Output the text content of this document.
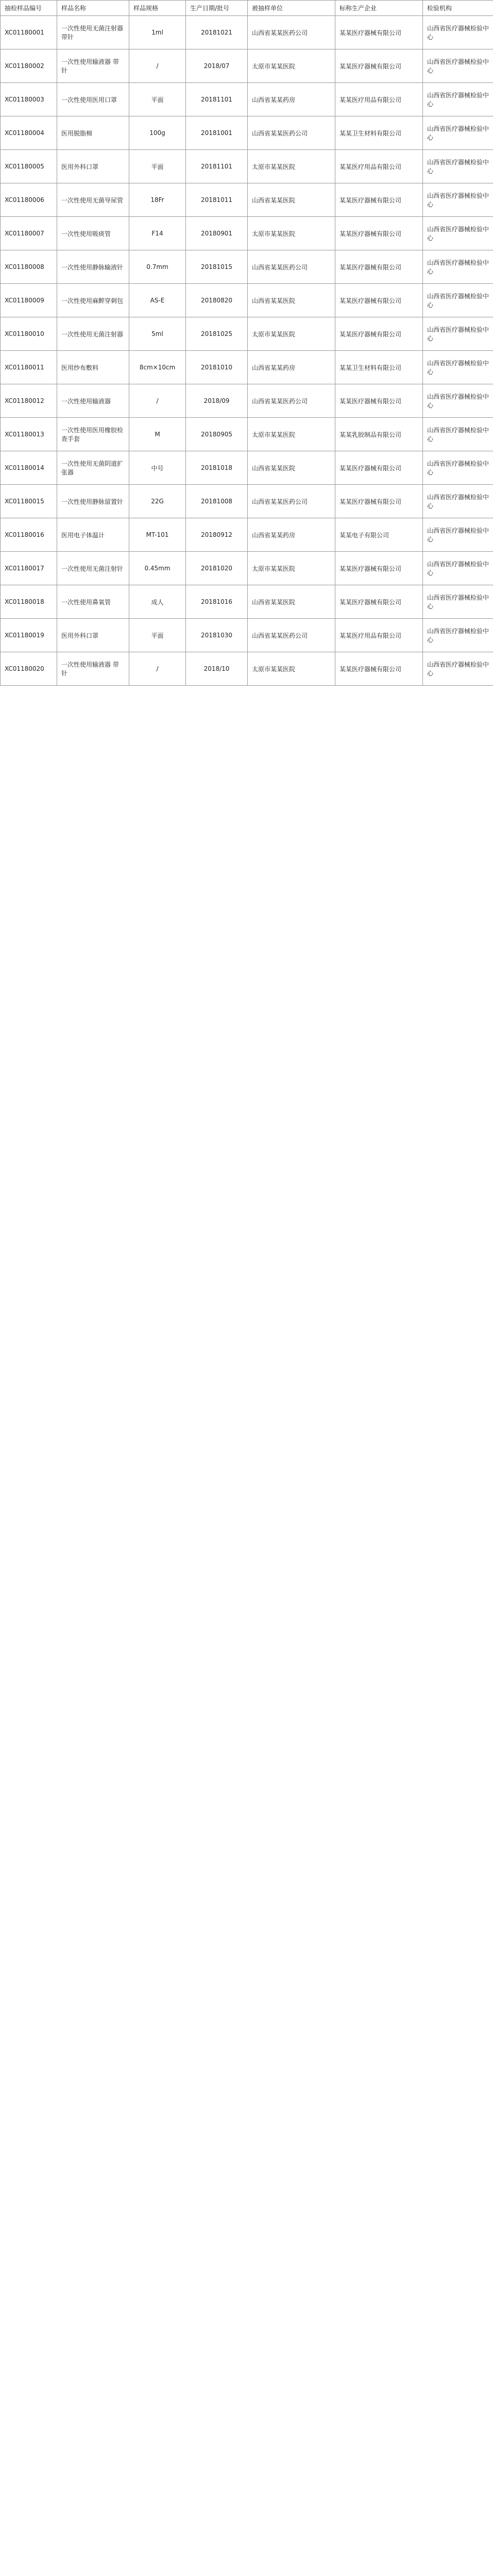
抽检样品编号	样品名称	样品规格	生产日期/批号	被抽样单位	标称生产企业	检验机构
XC01180001	一次性使用无菌注射器 带针	1ml	20181021	山西省某某医药公司	某某医疗器械有限公司	山西省医疗器械检验中心
XC01180002	一次性使用输液器 带针	/	2018/07	太原市某某医院	某某医疗器械有限公司	山西省医疗器械检验中心
XC01180003	一次性使用医用口罩	平面	20181101	山西省某某药房	某某医疗用品有限公司	山西省医疗器械检验中心
XC01180004	医用脱脂棉	100g	20181001	山西省某某医药公司	某某卫生材料有限公司	山西省医疗器械检验中心
XC01180005	医用外科口罩	平面	20181101	太原市某某医院	某某医疗用品有限公司	山西省医疗器械检验中心
XC01180006	一次性使用无菌导尿管	18Fr	20181011	山西省某某医院	某某医疗器械有限公司	山西省医疗器械检验中心
XC01180007	一次性使用吸痰管	F14	20180901	太原市某某医院	某某医疗器械有限公司	山西省医疗器械检验中心
XC01180008	一次性使用静脉输液针	0.7mm	20181015	山西省某某医药公司	某某医疗器械有限公司	山西省医疗器械检验中心
XC01180009	一次性使用麻醉穿刺包	AS-E	20180820	山西省某某医院	某某医疗器械有限公司	山西省医疗器械检验中心
XC01180010	一次性使用无菌注射器	5ml	20181025	太原市某某医院	某某医疗器械有限公司	山西省医疗器械检验中心
XC01180011	医用纱布敷料	8cm×10cm	20181010	山西省某某药房	某某卫生材料有限公司	山西省医疗器械检验中心
XC01180012	一次性使用输液器	/	2018/09	山西省某某医药公司	某某医疗器械有限公司	山西省医疗器械检验中心
XC01180013	一次性使用医用橡胶检查手套	M	20180905	太原市某某医院	某某乳胶制品有限公司	山西省医疗器械检验中心
XC01180014	一次性使用无菌阴道扩张器	中号	20181018	山西省某某医院	某某医疗器械有限公司	山西省医疗器械检验中心
XC01180015	一次性使用静脉留置针	22G	20181008	山西省某某医药公司	某某医疗器械有限公司	山西省医疗器械检验中心
XC01180016	医用电子体温计	MT-101	20180912	山西省某某药房	某某电子有限公司	山西省医疗器械检验中心
XC01180017	一次性使用无菌注射针	0.45mm	20181020	太原市某某医院	某某医疗器械有限公司	山西省医疗器械检验中心
XC01180018	一次性使用鼻氧管	成人	20181016	山西省某某医院	某某医疗器械有限公司	山西省医疗器械检验中心
XC01180019	医用外科口罩	平面	20181030	山西省某某医药公司	某某医疗用品有限公司	山西省医疗器械检验中心
XC01180020	一次性使用输液器 带针	/	2018/10	太原市某某医院	某某医疗器械有限公司	山西省医疗器械检验中心
